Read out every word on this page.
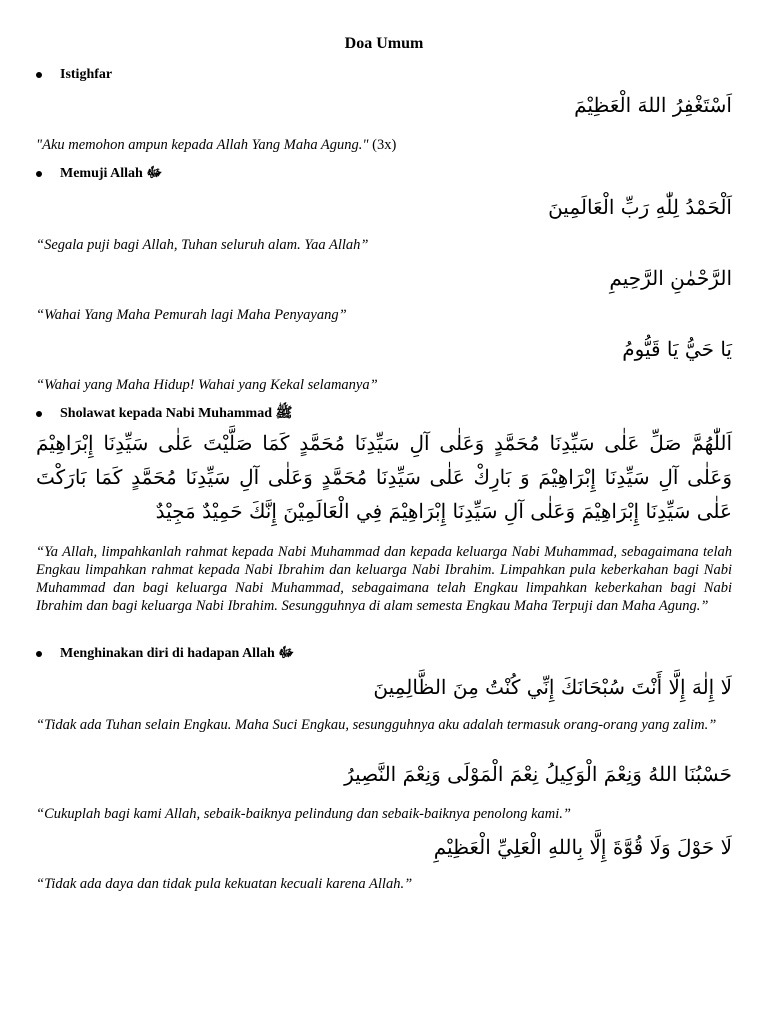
Doa Umum
Istighfar
اَسْتَغْفِرُ اللهَ الْعَظِيْمَ
"Aku memohon ampun kepada Allah Yang Maha Agung." (3x)
Memuji Allah ﷻ
اَلْحَمْدُ لِلّٰهِ رَبِّ الْعَالَمِينَ
“Segala puji bagi Allah, Tuhan seluruh alam. Yaa Allah”
الرَّحْمٰنِ الرَّحِيمِ
“Wahai Yang Maha Pemurah lagi Maha Penyayang”
يَا حَيُّ يَا قَيُّومُ
“Wahai yang Maha Hidup! Wahai yang Kekal selamanya”
Sholawat kepada Nabi Muhammad ﷺ
اَللّٰهُمَّ صَلِّ عَلٰى سَيِّدِنَا مُحَمَّدٍ وَعَلٰى آلِ سَيِّدِنَا مُحَمَّدٍ كَمَا صَلَّيْتَ عَلٰى سَيِّدِنَا إِبْرَاهِيْمَ وَعَلٰى آلِ سَيِّدِنَا إِبْرَاهِيْمَ وَ بَارِكْ عَلٰى سَيِّدِنَا مُحَمَّدٍ وَعَلٰى آلِ سَيِّدِنَا مُحَمَّدٍ كَمَا بَارَكْتَ عَلٰى سَيِّدِنَا إِبْرَاهِيْمَ وَعَلٰى آلِ سَيِّدِنَا إِبْرَاهِيْمَ فِي الْعَالَمِيْنَ إِنَّكَ حَمِيْدٌ مَجِيْدٌ
“Ya Allah, limpahkanlah rahmat kepada Nabi Muhammad dan kepada keluarga Nabi Muhammad, sebagaimana telah Engkau limpahkan rahmat kepada Nabi Ibrahim dan keluarga Nabi Ibrahim. Limpahkan pula keberkahan bagi Nabi Muhammad dan bagi keluarga Nabi Muhammad, sebagaimana telah Engkau limpahkan keberkahan bagi Nabi Ibrahim dan bagi keluarga Nabi Ibrahim. Sesungguhnya di alam semesta Engkau Maha Terpuji dan Maha Agung.”
Menghinakan diri di hadapan Allah ﷻ
لَا إِلٰهَ إِلَّا أَنْتَ سُبْحَانَكَ إِنِّي كُنْتُ مِنَ الظَّالِمِينَ
“Tidak ada Tuhan selain Engkau. Maha Suci Engkau, sesungguhnya aku adalah termasuk orang-orang yang zalim.”
حَسْبُنَا اللهُ وَنِعْمَ الْوَكِيلُ نِعْمَ الْمَوْلَى وَنِعْمَ النَّصِيرُ
“Cukuplah bagi kami Allah, sebaik-baiknya pelindung dan sebaik-baiknya penolong kami.”
لَا حَوْلَ وَلَا قُوَّةَ إِلَّا بِاللهِ الْعَلِيِّ الْعَظِيْمِ
“Tidak ada daya dan tidak pula kekuatan kecuali karena Allah.”
